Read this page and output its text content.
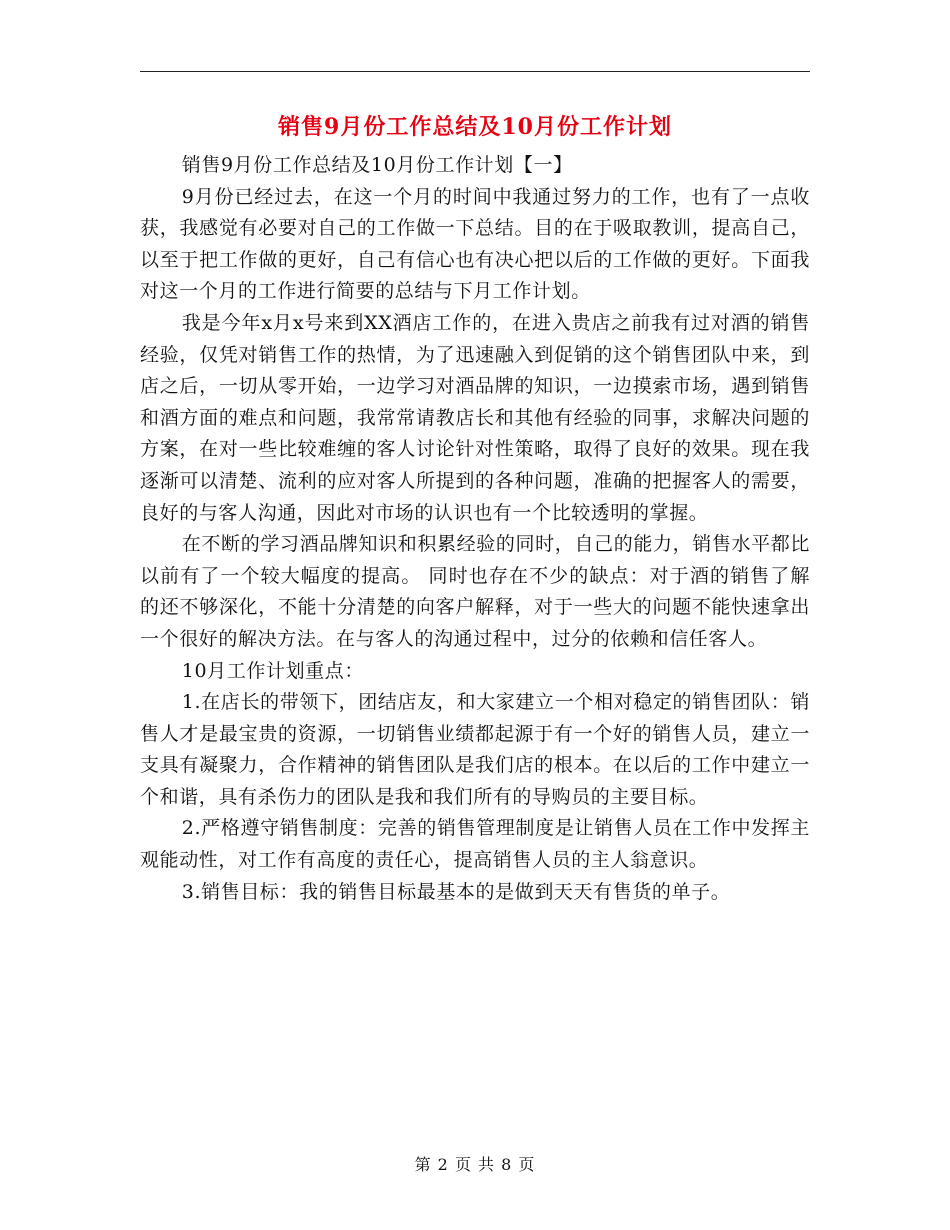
销售9月份工作总结及10月份工作计划

销售9月份工作总结及10月份工作计划【一】

9月份已经过去，在这一个月的时间中我通过努力的工作，也有了一点收获，我感觉有必要对自己的工作做一下总结。目的在于吸取教训，提高自己，以至于把工作做的更好，自己有信心也有决心把以后的工作做的更好。下面我对这一个月的工作进行简要的总结与下月工作计划。

我是今年x月x号来到XX酒店工作的，在进入贵店之前我有过对酒的销售经验，仅凭对销售工作的热情，为了迅速融入到促销的这个销售团队中来，到店之后，一切从零开始，一边学习对酒品牌的知识，一边摸索市场，遇到销售和酒方面的难点和问题，我常常请教店长和其他有经验的同事，求解决问题的方案，在对一些比较难缠的客人讨论针对性策略，取得了良好的效果。现在我逐渐可以清楚、流利的应对客人所提到的各种问题，准确的把握客人的需要，良好的与客人沟通，因此对市场的认识也有一个比较透明的掌握。

在不断的学习酒品牌知识和积累经验的同时，自己的能力，销售水平都比以前有了一个较大幅度的提高。 同时也存在不少的缺点：对于酒的销售了解的还不够深化，不能十分清楚的向客户解释，对于一些大的问题不能快速拿出一个很好的解决方法。在与客人的沟通过程中，过分的依赖和信任客人。

10月工作计划重点：

1.在店长的带领下，团结店友，和大家建立一个相对稳定的销售团队：销售人才是最宝贵的资源，一切销售业绩都起源于有一个好的销售人员，建立一支具有凝聚力，合作精神的销售团队是我们店的根本。在以后的工作中建立一个和谐，具有杀伤力的团队是我和我们所有的导购员的主要目标。

2.严格遵守销售制度：完善的销售管理制度是让销售人员在工作中发挥主观能动性，对工作有高度的责任心，提高销售人员的主人翁意识。

3.销售目标：我的销售目标最基本的是做到天天有售货的单子。

第 2 页 共 8 页
